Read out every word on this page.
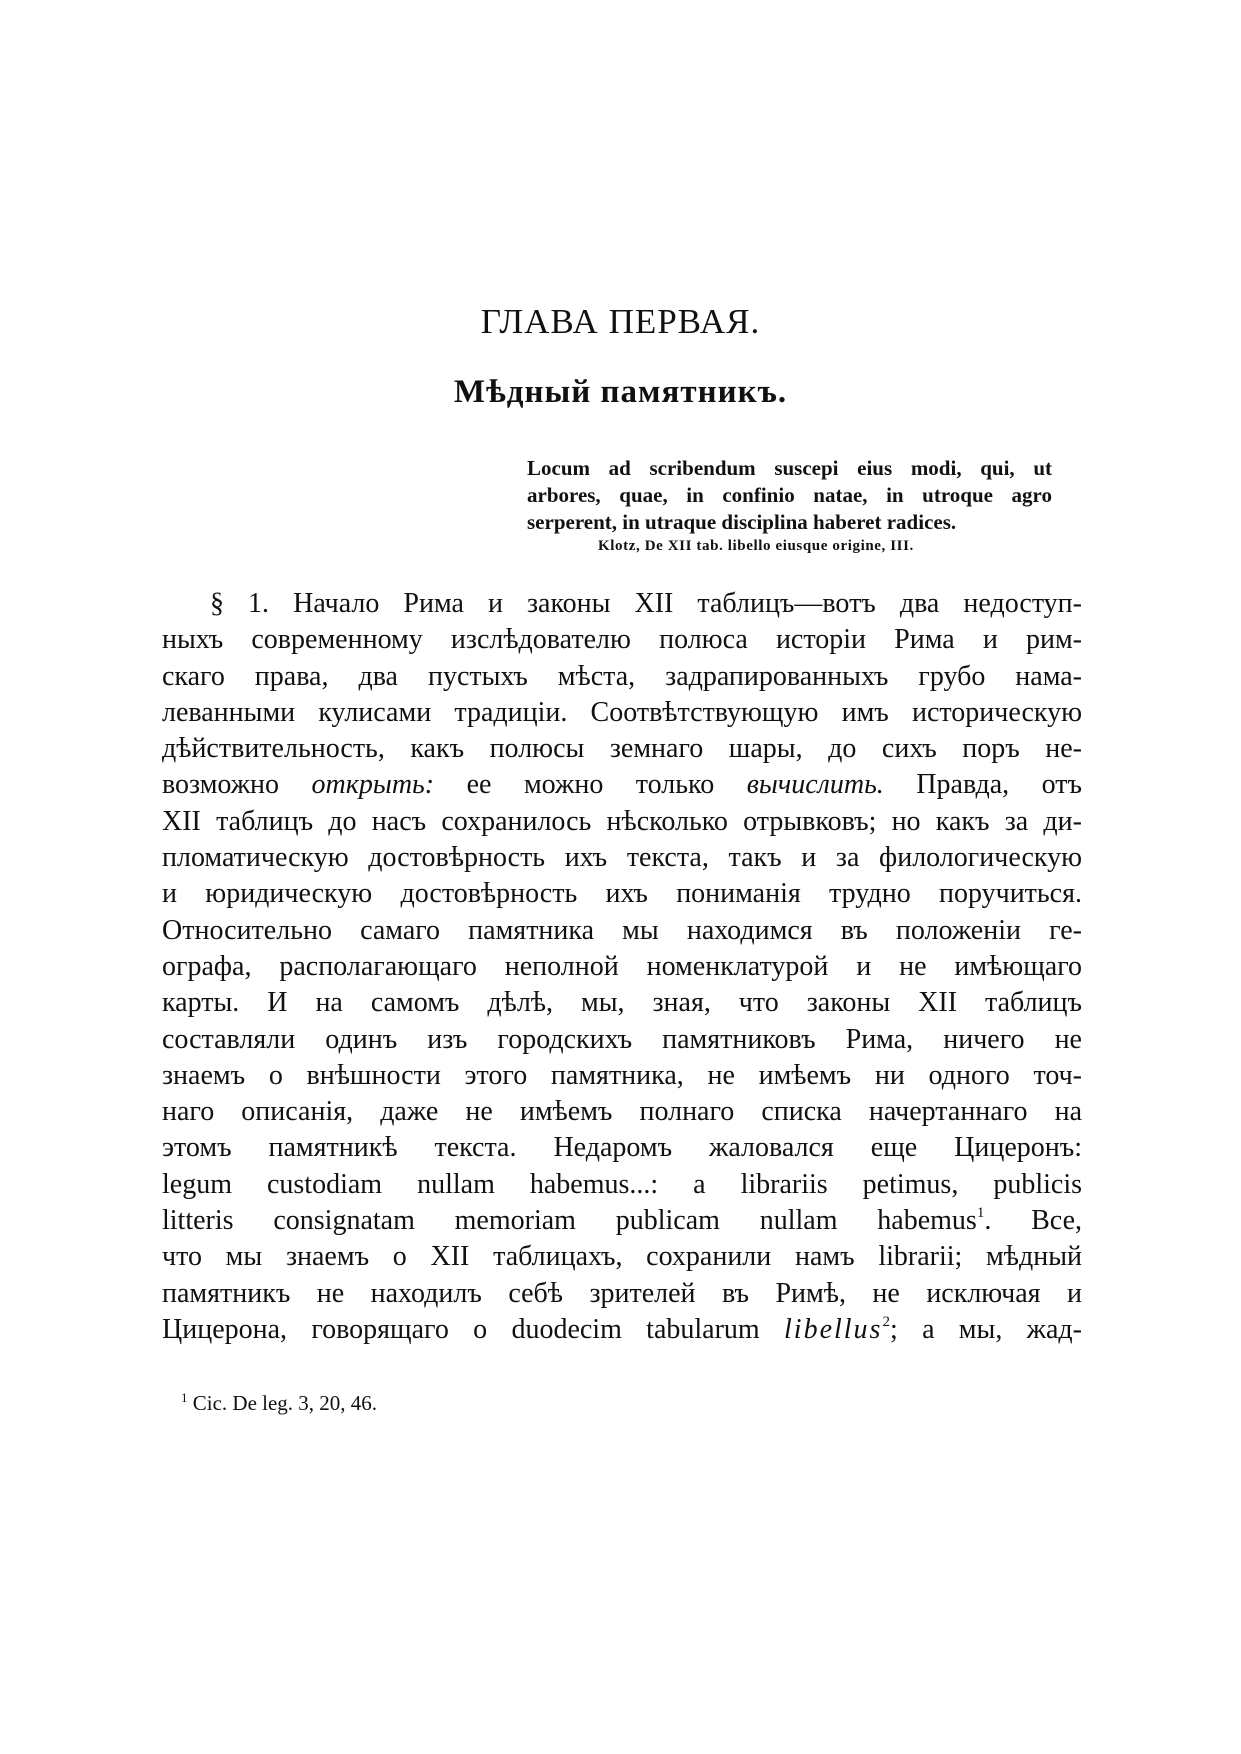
ГЛАВА ПЕРВАЯ.
Мѣдный памятникъ.
Locum ad scribendum suscepi eius modi, qui, ut
arbores, quae, in confinio natae, in utroque agro
serperent, in utraque disciplina haberet radices.
Klotz, De XII tab. libello eiusque origine, III.
§ 1. Начало Рима и законы XII таблицъ—вотъ два недоступ-
ныхъ современному изслѣдователю полюса исторіи Рима и рим-
скаго права, два пустыхъ мѣста, задрапированныхъ грубо нама-
леванными кулисами традиціи. Соотвѣтствующую имъ историческую
дѣйствительность, какъ полюсы земнаго шары, до сихъ поръ не-
возможно открыть: ее можно только вычислить. Правда, отъ
XII таблицъ до насъ сохранилось нѣсколько отрывковъ; но какъ за ди-
пломатическую достовѣрность ихъ текста, такъ и за филологическую
и юридическую достовѣрность ихъ пониманія трудно поручиться.
Относительно самаго памятника мы находимся въ положеніи ге-
ографа, располагающаго неполной номенклатурой и не имѣющаго
карты. И на самомъ дѣлѣ, мы, зная, что законы XII таблицъ
составляли одинъ изъ городскихъ памятниковъ Рима, ничего не
знаемъ о внѣшности этого памятника, не имѣемъ ни одного точ-
наго описанія, даже не имѣемъ полнаго списка начертаннаго на
этомъ памятникѣ текста. Недаромъ жаловался еще Цицеронъ:
legum custodiam nullam habemus...: a librariis petimus, publicis
litteris consignatam memoriam publicam nullam habemus$^1$. Все,
что мы знаемъ о XII таблицахъ, сохранили намъ librarii; мѣдный
памятникъ не находилъ себѣ зрителей въ Римѣ, не исключая и
Цицерона, говорящаго о duodecim tabularum libellus$^2$; а мы, жад-
$^1$ Cic. De leg. 3, 20, 46.
